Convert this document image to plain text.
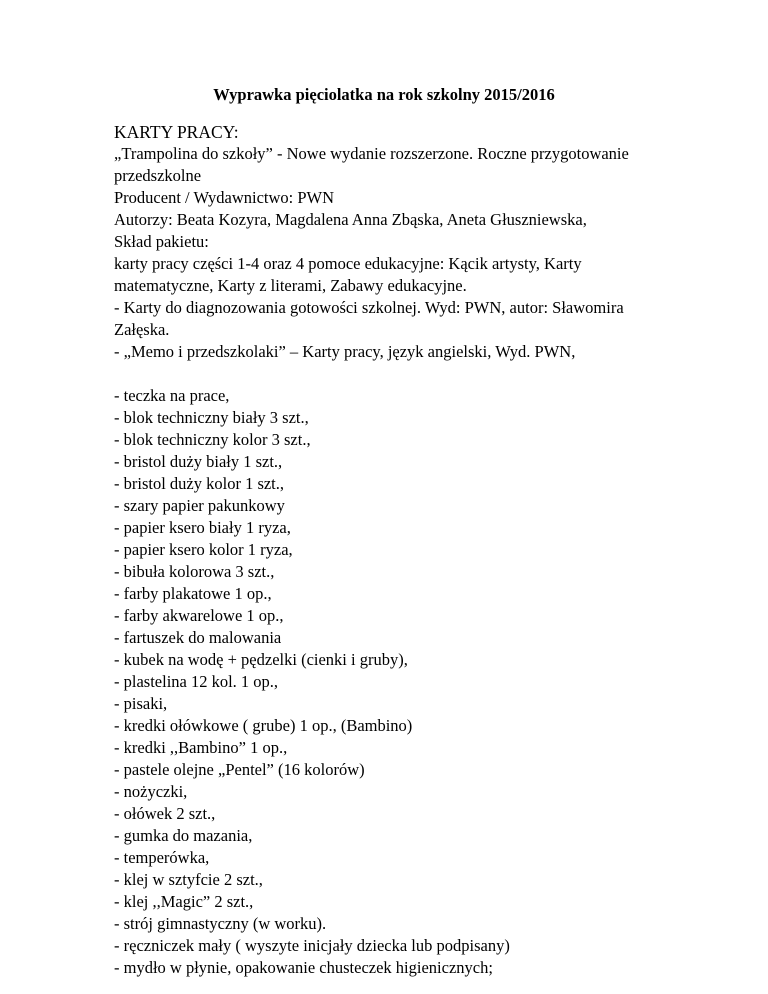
Wyprawka pięciolatka na rok szkolny 2015/2016
KARTY PRACY:
„Trampolina do szkoły” - Nowe wydanie rozszerzone. Roczne przygotowanie
przedszkolne
Producent / Wydawnictwo: PWN
Autorzy: Beata Kozyra, Magdalena Anna Zbąska, Aneta Głuszniewska,
Skład pakietu:
karty pracy części 1-4 oraz 4 pomoce edukacyjne: Kącik artysty, Karty
matematyczne, Karty z literami, Zabawy edukacyjne.
- Karty do diagnozowania gotowości szkolnej. Wyd: PWN, autor: Sławomira
Załęska.
- „Memo i przedszkolaki” – Karty pracy, język angielski, Wyd. PWN,
- teczka na prace,
- blok techniczny biały 3 szt.,
- blok techniczny kolor 3 szt.,
- bristol duży biały 1 szt.,
- bristol duży kolor 1 szt.,
- szary papier pakunkowy
- papier ksero biały 1 ryza,
- papier ksero kolor 1 ryza,
- bibuła kolorowa 3 szt.,
- farby plakatowe 1 op.,
- farby akwarelowe 1 op.,
- fartuszek do malowania
- kubek na wodę + pędzelki (cienki i gruby),
- plastelina 12 kol. 1 op.,
- pisaki,
- kredki ołówkowe ( grube) 1 op., (Bambino)
- kredki ,,Bambino” 1 op.,
- pastele olejne „Pentel” (16 kolorów)
- nożyczki,
- ołówek 2 szt.,
- gumka do mazania,
- temperówka,
- klej w sztyfcie 2 szt.,
- klej ,,Magic” 2 szt.,
- strój gimnastyczny (w worku).
- ręczniczek mały ( wyszyte inicjały dziecka lub podpisany)
- mydło w płynie, opakowanie chusteczek higienicznych;
